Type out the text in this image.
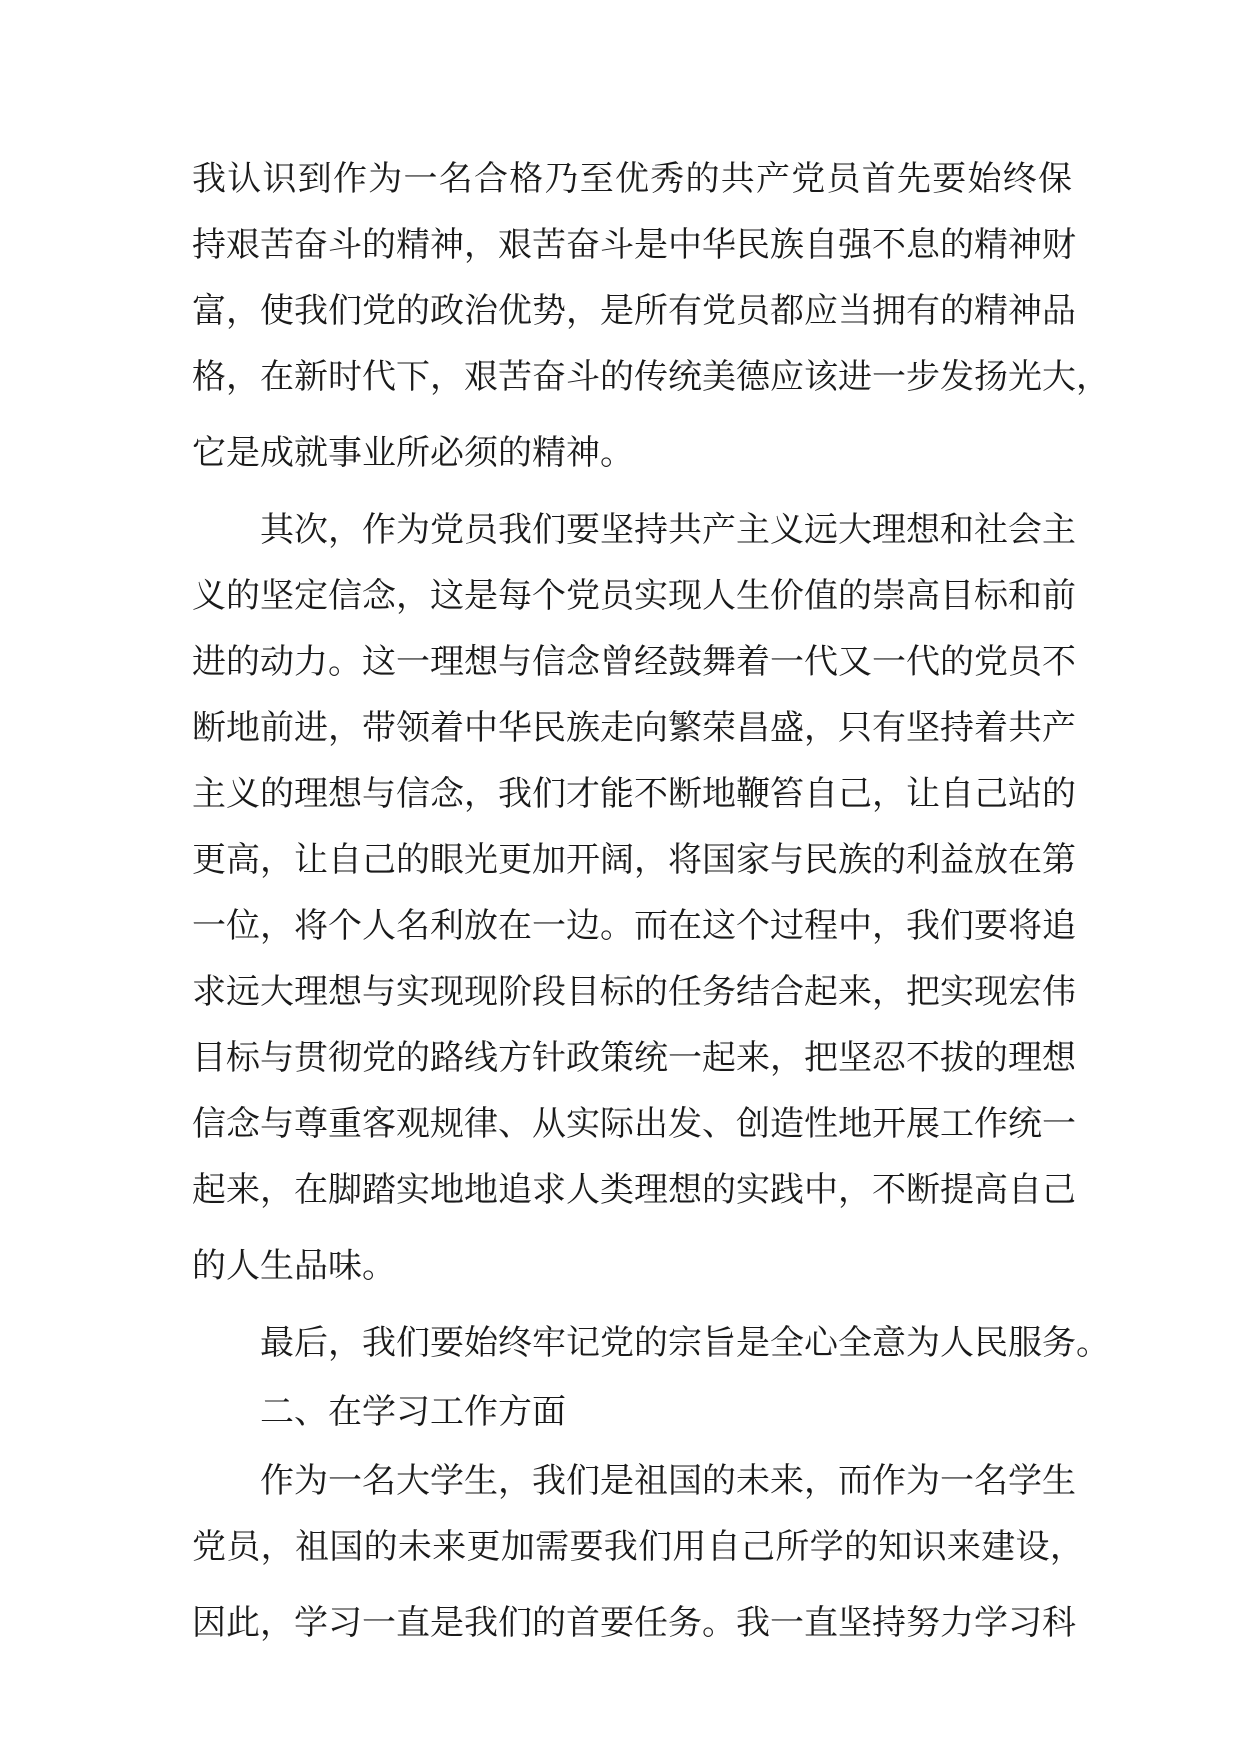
我 认 识 到 作 为 一 名 合 格 乃 至 优 秀 的 共 产 党 员 首 先 要 始 终 保
持 艰 苦 奋 斗 的 精 神 ， 艰 苦 奋 斗 是 中 华 民 族 自 强 不 息 的 精 神 财
富 ， 使 我 们 党 的 政 治 优 势 ， 是 所 有 党 员 都 应 当 拥 有 的 精 神 品
格 ， 在 新 时 代 下 ， 艰 苦 奋 斗 的 传 统 美 德 应 该 进 一 步 发 扬 光 大 ，
它是成就事业所必须的精神。
其 次 ， 作 为 党 员 我 们 要 坚 持 共 产 主 义 远 大 理 想 和 社 会 主
义 的 坚 定 信 念 ， 这 是 每 个 党 员 实 现 人 生 价 值 的 崇 高 目 标 和 前
进 的 动 力 。 这 一 理 想 与 信 念 曾 经 鼓 舞 着 一 代 又 一 代 的 党 员 不
断 地 前 进 ， 带 领 着 中 华 民 族 走 向 繁 荣 昌 盛 ， 只 有 坚 持 着 共 产
主 义 的 理 想 与 信 念 ， 我 们 才 能 不 断 地 鞭 笞 自 己 ， 让 自 己 站 的
更 高 ， 让 自 己 的 眼 光 更 加 开 阔 ， 将 国 家 与 民 族 的 利 益 放 在 第
一 位 ， 将 个 人 名 利 放 在 一 边 。 而 在 这 个 过 程 中 ， 我 们 要 将 追
求 远 大 理 想 与 实 现 现 阶 段 目 标 的 任 务 结 合 起 来 ， 把 实 现 宏 伟
目 标 与 贯 彻 党 的 路 线 方 针 政 策 统 一 起 来 ， 把 坚 忍 不 拔 的 理 想
信 念 与 尊 重 客 观 规 律 、 从 实 际 出 发 、 创 造 性 地 开 展 工 作 统 一
起 来 ， 在 脚 踏 实 地 地 追 求 人 类 理 想 的 实 践 中 ， 不 断 提 高 自 己
的人生品味。
最 后 ， 我 们 要 始 终 牢 记 党 的 宗 旨 是 全 心 全 意 为 人 民 服 务 。
二、在学习工作方面
作 为 一 名 大 学 生 ， 我 们 是 祖 国 的 未 来 ， 而 作 为 一 名 学 生
党 员 ， 祖 国 的 未 来 更 加 需 要 我 们 用 自 己 所 学 的 知 识 来 建 设 ，
因 此 ， 学 习 一 直 是 我 们 的 首 要 任 务 。 我 一 直 坚 持 努 力 学 习 科
